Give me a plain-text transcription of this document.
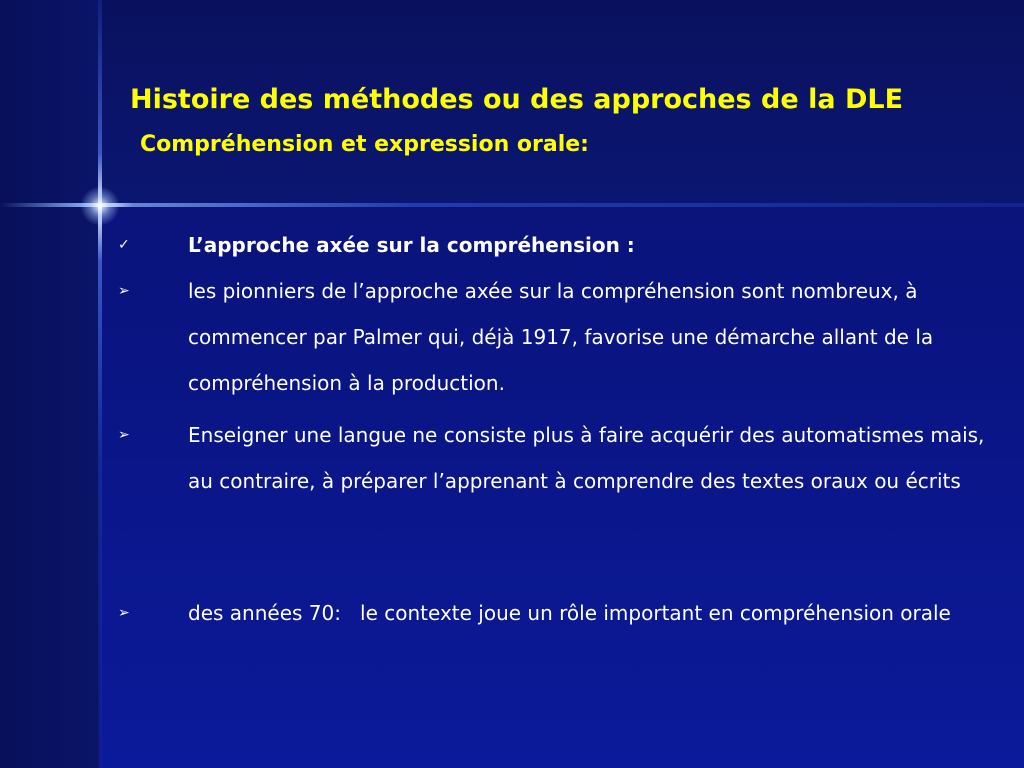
Histoire des méthodes ou des approches de la DLE
Compréhension et expression orale:
✓	L’approche axée sur la compréhension :
➢	les pionniers de l’approche axée sur la compréhension sont nombreux, à commencer par Palmer qui, déjà 1917, favorise une démarche allant de la compréhension à la production.
➢	Enseigner une langue ne consiste plus à faire acquérir des automatismes mais, au contraire, à préparer l’apprenant à comprendre des textes oraux ou écrits
➢	des années 70:   le contexte joue un rôle important en compréhension orale
